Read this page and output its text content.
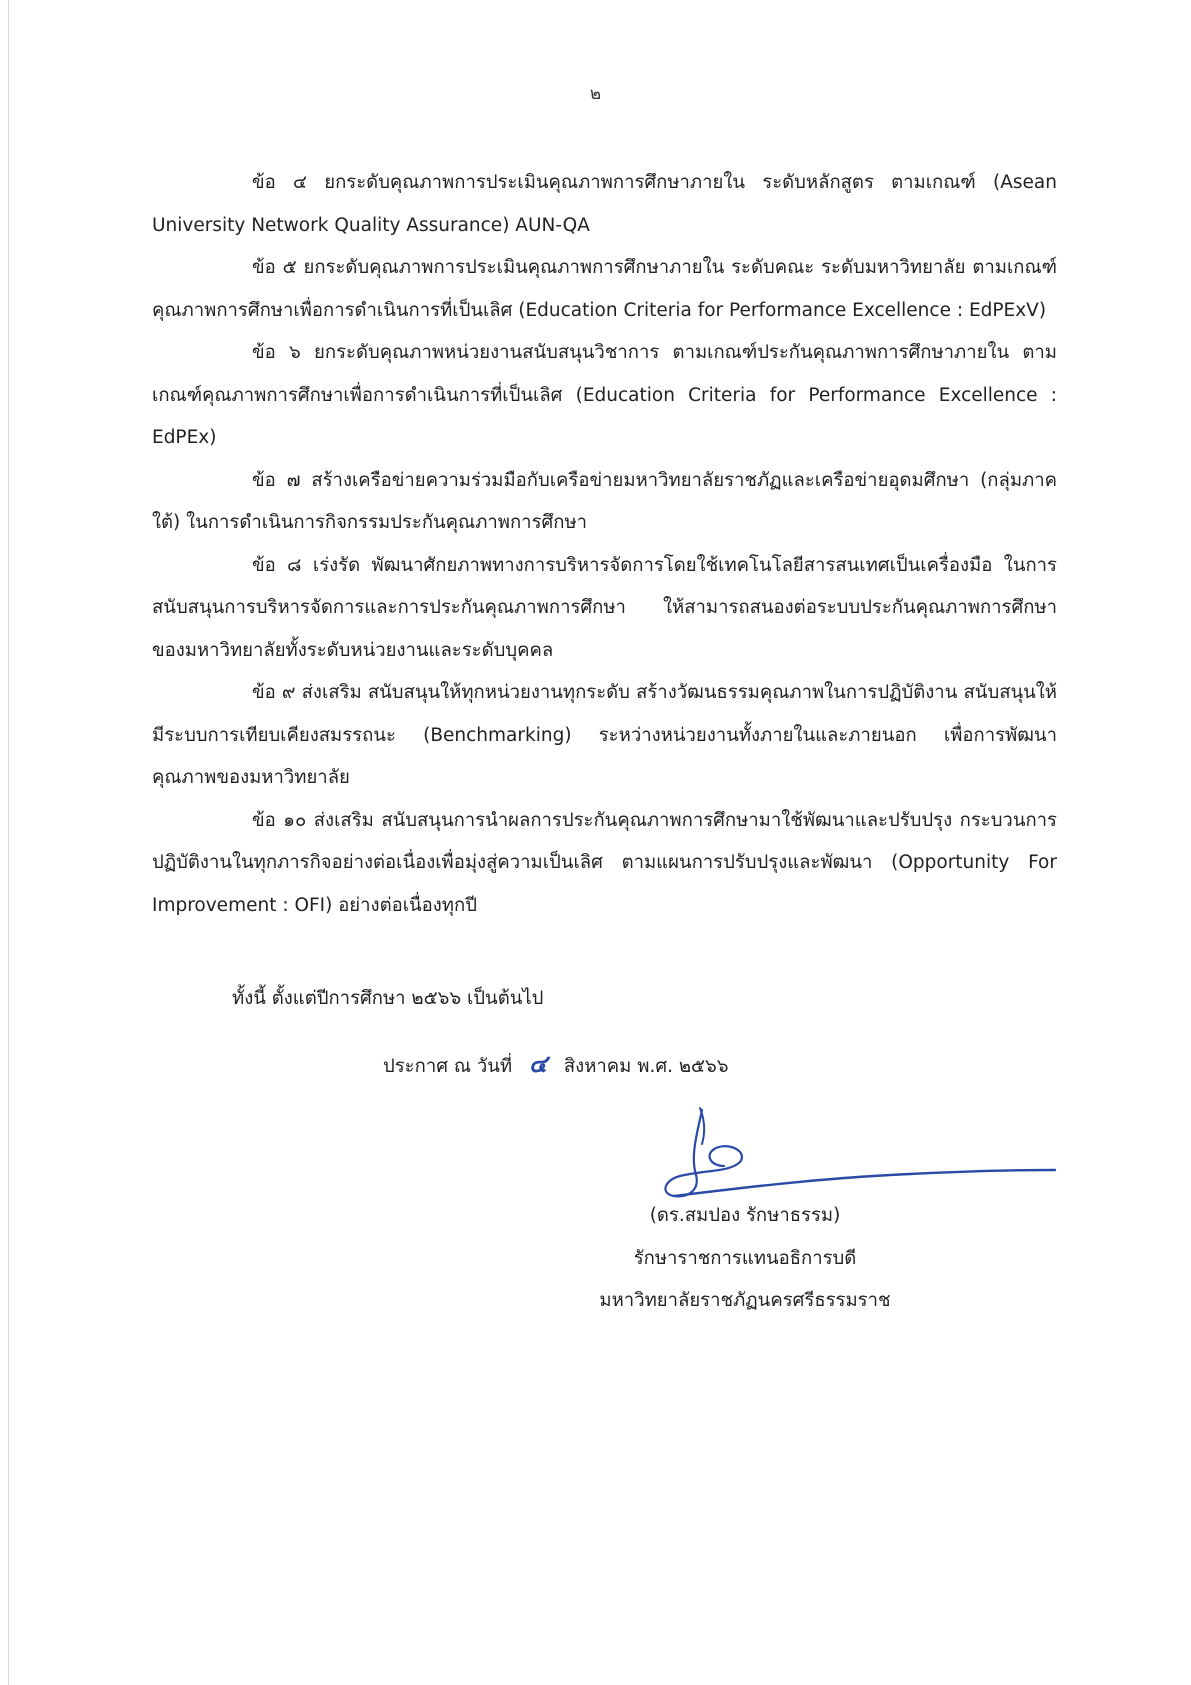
๒

ข้อ ๔ ยกระดับคุณภาพการประเมินคุณภาพการศึกษาภายใน ระดับหลักสูตร ตามเกณฑ์ (Asean University Network Quality Assurance) AUN-QA

ข้อ ๕ ยกระดับคุณภาพการประเมินคุณภาพการศึกษาภายใน ระดับคณะ ระดับมหาวิทยาลัย ตามเกณฑ์คุณภาพการศึกษาเพื่อการดำเนินการที่เป็นเลิศ (Education Criteria for Performance Excellence : EdPExV)

ข้อ ๖ ยกระดับคุณภาพหน่วยงานสนับสนุนวิชาการ ตามเกณฑ์ประกันคุณภาพการศึกษาภายใน ตามเกณฑ์คุณภาพการศึกษาเพื่อการดำเนินการที่เป็นเลิศ (Education Criteria for Performance Excellence : EdPEx)

ข้อ ๗ สร้างเครือข่ายความร่วมมือกับเครือข่ายมหาวิทยาลัยราชภัฏและเครือข่ายอุดมศึกษา (กลุ่มภาคใต้) ในการดำเนินการกิจกรรมประกันคุณภาพการศึกษา

ข้อ ๘ เร่งรัด พัฒนาศักยภาพทางการบริหารจัดการโดยใช้เทคโนโลยีสารสนเทศเป็นเครื่องมือ ในการสนับสนุนการบริหารจัดการและการประกันคุณภาพการศึกษา ให้สามารถสนองต่อระบบประกันคุณภาพการศึกษาของมหาวิทยาลัยทั้งระดับหน่วยงานและระดับบุคคล

ข้อ ๙ ส่งเสริม สนับสนุนให้ทุกหน่วยงานทุกระดับ สร้างวัฒนธรรมคุณภาพในการปฏิบัติงาน สนับสนุนให้มีระบบการเทียบเคียงสมรรถนะ (Benchmarking) ระหว่างหน่วยงานทั้งภายในและภายนอก เพื่อการพัฒนาคุณภาพของมหาวิทยาลัย

ข้อ ๑๐ ส่งเสริม สนับสนุนการนำผลการประกันคุณภาพการศึกษามาใช้พัฒนาและปรับปรุง กระบวนการปฏิบัติงานในทุกภารกิจอย่างต่อเนื่องเพื่อมุ่งสู่ความเป็นเลิศ ตามแผนการปรับปรุงและพัฒนา (Opportunity For Improvement : OFI) อย่างต่อเนื่องทุกปี

ทั้งนี้ ตั้งแต่ปีการศึกษา ๒๕๖๖ เป็นต้นไป
ประกาศ ณ วันที่ ๔ สิงหาคม พ.ศ. ๒๕๖๖
(ดร.สมปอง รักษาธรรม)
รักษาราชการแทนอธิการบดี
มหาวิทยาลัยราชภัฏนครศรีธรรมราช
